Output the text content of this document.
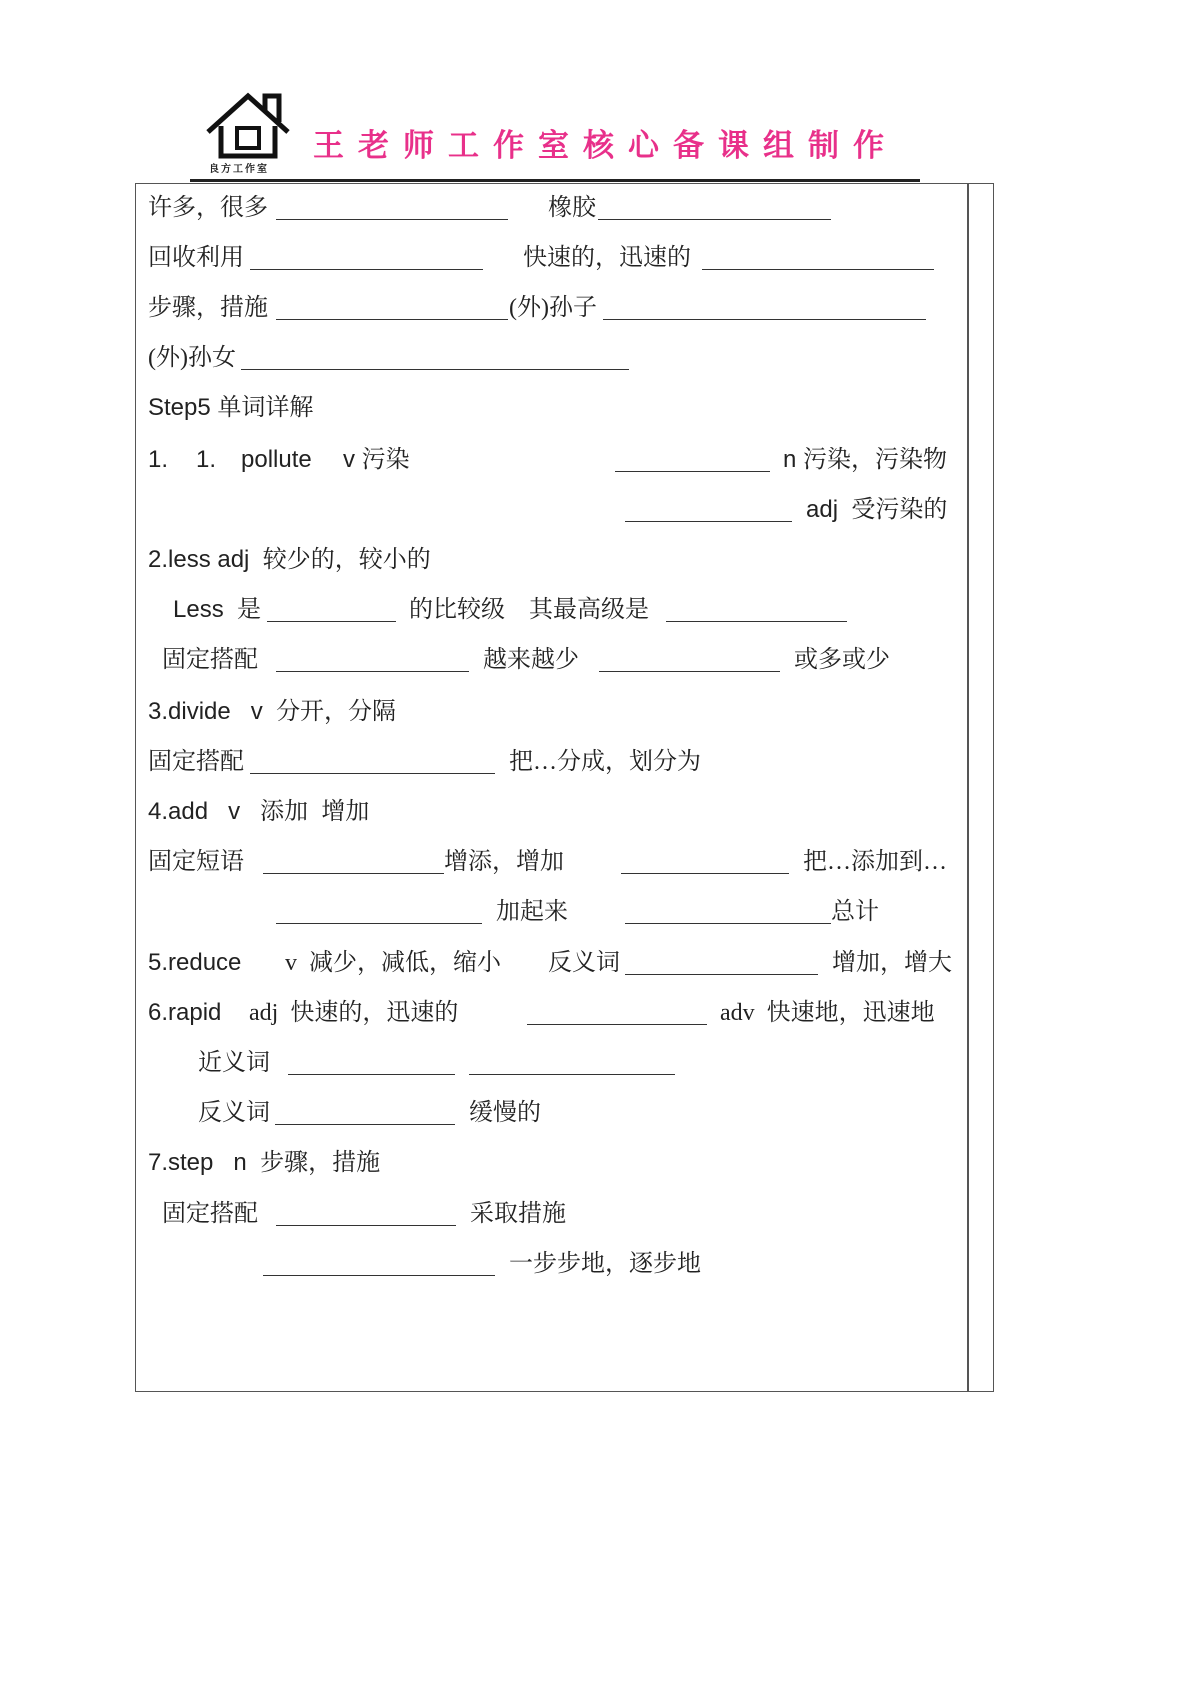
良方工作室
王老师工作室核心备课组制作
许多，很多	橡胶
回收利用	快速的，迅速的
步骤，措施	(外)孙子
(外)孙女
Step5 单词详解
1. 1. pollute v 污染	n 污染，污染物
adj  受污染的
2.less adj  较少的，较小的
Less  是	的比较级　其最高级是
固定搭配	越来越少	或多或少
3.divide   v  分开，分隔
固定搭配	把…分成，划分为
4.add   v   添加  增加
固定短语	增添，增加	把…添加到…
加起来	总计
5.reduce v  减少，减低，缩小 反义词	增加，增大
6.rapid adj  快速的，迅速的	adv  快速地，迅速地
近义词
反义词	缓慢的
7.step   n  步骤，措施
固定搭配	采取措施
一步步地，逐步地
